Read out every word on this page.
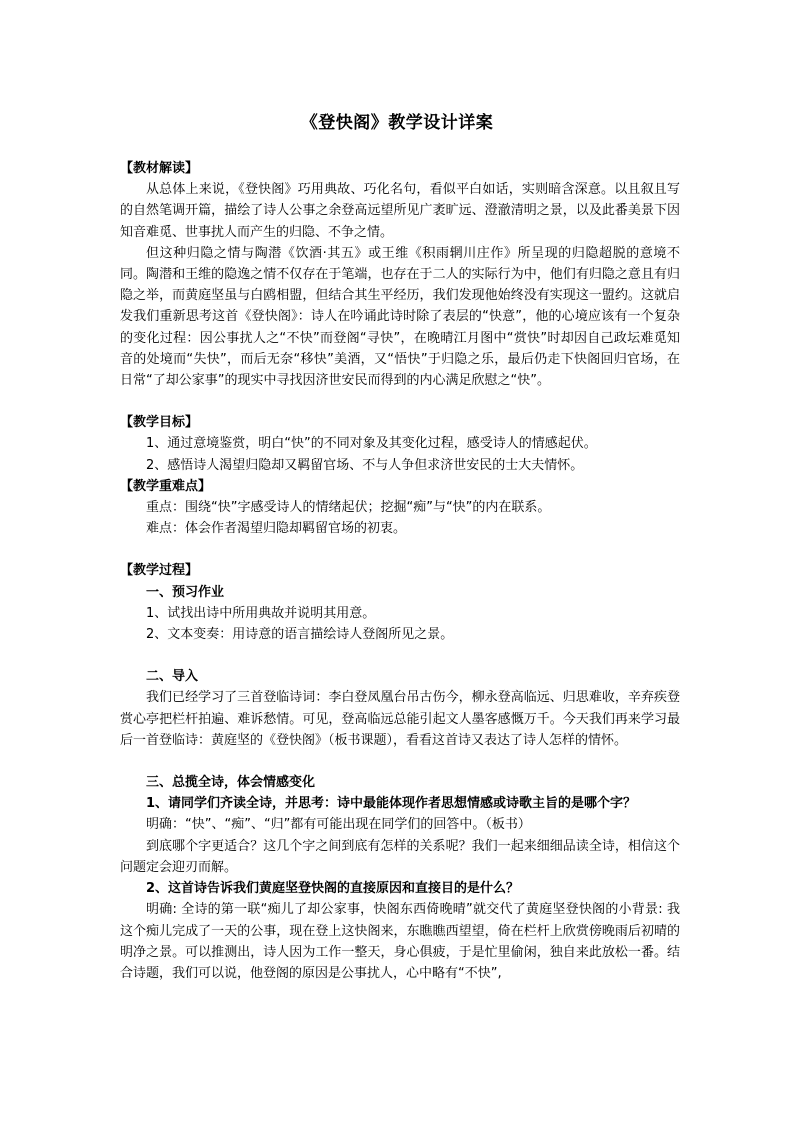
《登快阁》教学设计详案

【教材解读】

从总体上来说，《登快阁》巧用典故、巧化名句，看似平白如话，实则暗含深意。以且叙且写的自然笔调开篇，描绘了诗人公事之余登高远望所见广袤旷远、澄澈清明之景，以及此番美景下因知音难觅、世事扰人而产生的归隐、不争之情。

但这种归隐之情与陶潜《饮酒·其五》或王维《积雨辋川庄作》所呈现的归隐超脱的意境不同。陶潜和王维的隐逸之情不仅存在于笔端，也存在于二人的实际行为中，他们有归隐之意且有归隐之举，而黄庭坚虽与白鸥相盟，但结合其生平经历，我们发现他始终没有实现这一盟约。这就启发我们重新思考这首《登快阁》：诗人在吟诵此诗时除了表层的“快意”，他的心境应该有一个复杂的变化过程：因公事扰人之“不快”而登阁“寻快”，在晚晴江月图中“赏快”时却因自己政坛难觅知音的处境而“失快”，而后无奈“移快”美酒，又“悟快”于归隐之乐，最后仍走下快阁回归官场，在日常“了却公家事”的现实中寻找因济世安民而得到的内心满足欣慰之“快”。

【教学目标】

1、通过意境鉴赏，明白“快”的不同对象及其变化过程，感受诗人的情感起伏。

2、感悟诗人渴望归隐却又羁留官场、不与人争但求济世安民的士大夫情怀。

【教学重难点】

重点：围绕“快”字感受诗人的情绪起伏；挖掘“痴”与“快”的内在联系。

难点：体会作者渴望归隐却羁留官场的初衷。

【教学过程】

一、预习作业

1、试找出诗中所用典故并说明其用意。

2、文本变奏：用诗意的语言描绘诗人登阁所见之景。

二、导入

我们已经学习了三首登临诗词：李白登凤凰台吊古伤今，柳永登高临远、归思难收，辛弃疾登赏心亭把栏杆拍遍、难诉愁情。可见，登高临远总能引起文人墨客感慨万千。今天我们再来学习最后一首登临诗：黄庭坚的《登快阁》（板书课题），看看这首诗又表达了诗人怎样的情怀。

三、总揽全诗，体会情感变化

1、请同学们齐读全诗，并思考：诗中最能体现作者思想情感或诗歌主旨的是哪个字？

明确：“快”、“痴”、“归”都有可能出现在同学们的回答中。（板书）

到底哪个字更适合？这几个字之间到底有怎样的关系呢？我们一起来细细品读全诗，相信这个问题定会迎刃而解。

2、这首诗告诉我们黄庭坚登快阁的直接原因和直接目的是什么？

明确: 全诗的第一联“痴儿了却公家事，快阁东西倚晚晴”就交代了黄庭坚登快阁的小背景: 我这个痴儿完成了一天的公事，现在登上这快阁来，东瞧瞧西望望，倚在栏杆上欣赏傍晚雨后初晴的明净之景。可以推测出，诗人因为工作一整天，身心俱疲，于是忙里偷闲，独自来此放松一番。结合诗题，我们可以说，他登阁的原因是公事扰人，心中略有“不快”,
